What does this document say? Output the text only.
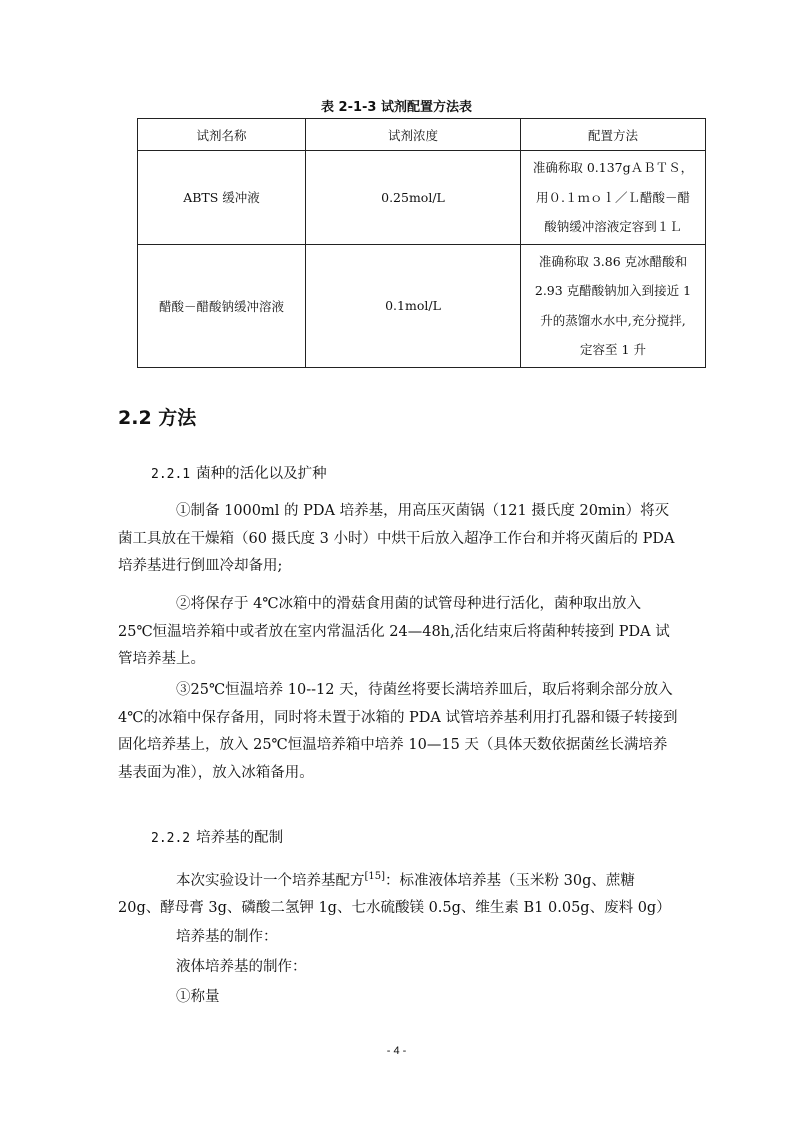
表 2-1-3 试剂配置方法表
试剂名称	试剂浓度	配置方法
ABTS 缓冲液	0.25mol/L	准确称取 0.137gＡＢＴＳ，
用０.１ｍｏｌ／Ｌ醋酸－醋
酸钠缓冲溶液定容到１Ｌ

醋酸－醋酸钠缓冲溶液	0.1mol/L	准确称取 3.86 克冰醋酸和
2.93 克醋酸钠加入到接近 1
升的蒸馏水水中,充分搅拌,
定容至 1 升
2.2 方法
2.2.1 菌种的活化以及扩种

①制备 1000ml 的 PDA 培养基，用高压灭菌锅（121 摄氏度 20min）将灭菌工具放在干燥箱（60 摄氏度 3 小时）中烘干后放入超净工作台和并将灭菌后的 PDA 培养基进行倒皿冷却备用;

②将保存于 4℃冰箱中的滑菇食用菌的试管母种进行活化，菌种取出放入 25℃恒温培养箱中或者放在室内常温活化 24—48h,活化结束后将菌种转接到 PDA 试管培养基上。

③25℃恒温培养 10--12 天，待菌丝将要长满培养皿后，取后将剩余部分放入 4℃的冰箱中保存备用，同时将未置于冰箱的 PDA 试管培养基利用打孔器和镊子转接到固化培养基上，放入 25℃恒温培养箱中培养 10—15 天（具体天数依据菌丝长满培养基表面为准），放入冰箱备用。

2.2.2 培养基的配制

本次实验设计一个培养基配方[15]：标准液体培养基（玉米粉 30g、蔗糖 20g、酵母膏 3g、磷酸二氢钾 1g、七水硫酸镁 0.5g、维生素 B1 0.05g、废料 0g）

培养基的制作：
液体培养基的制作：
①称量
- 4 -
